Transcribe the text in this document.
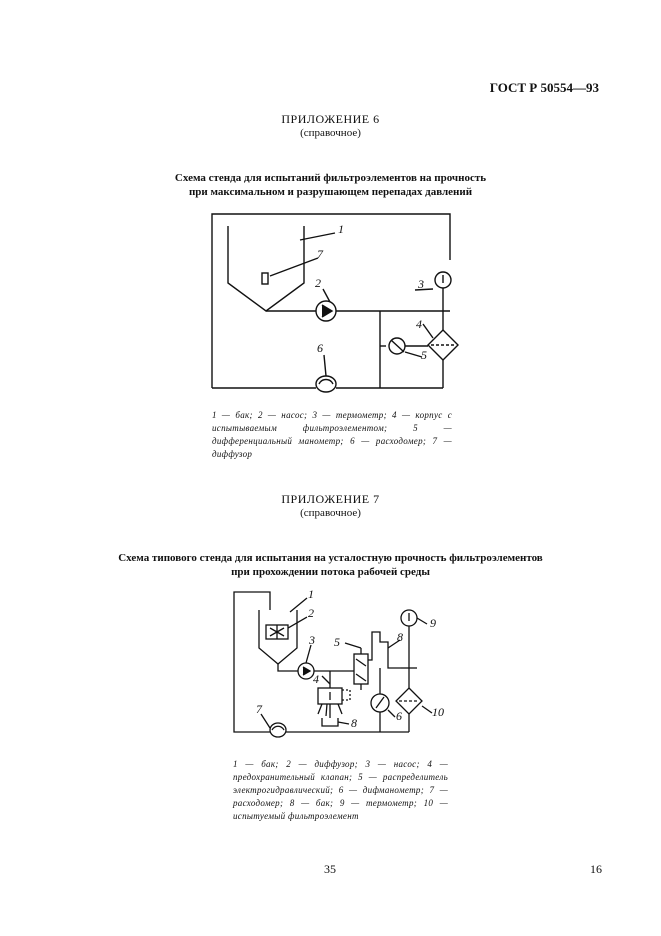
ГОСТ Р 50554—93
ПРИЛОЖЕНИЕ 6
(справочное)
Схема стенда для испытаний фильтроэлементов на прочность
при максимальном и разрушающем перепадах давлений
1
7
2	3
4
5
6
1 — бак; 2 — насос; 3 — термометр; 4 — корпус с испытываемым фильтроэлементом; 5 — дифференциальный манометр; 6 — расходомер; 7 — диффузор
ПРИЛОЖЕНИЕ 7
(справочное)
Схема типового стенда для испытания на усталостную прочность фильтроэлементов
при прохождении потока рабочей среды
1
2
3 5	8
9
4
8	6	10
7
1 — бак; 2 — диффузор; 3 — насос; 4 — предохранительный клапан; 5 — распределитель электрогидравлический; 6 — дифманометр; 7 — расходомер; 8 — бак; 9 — термометр; 10 — испытуемый фильтроэлемент
35	16
